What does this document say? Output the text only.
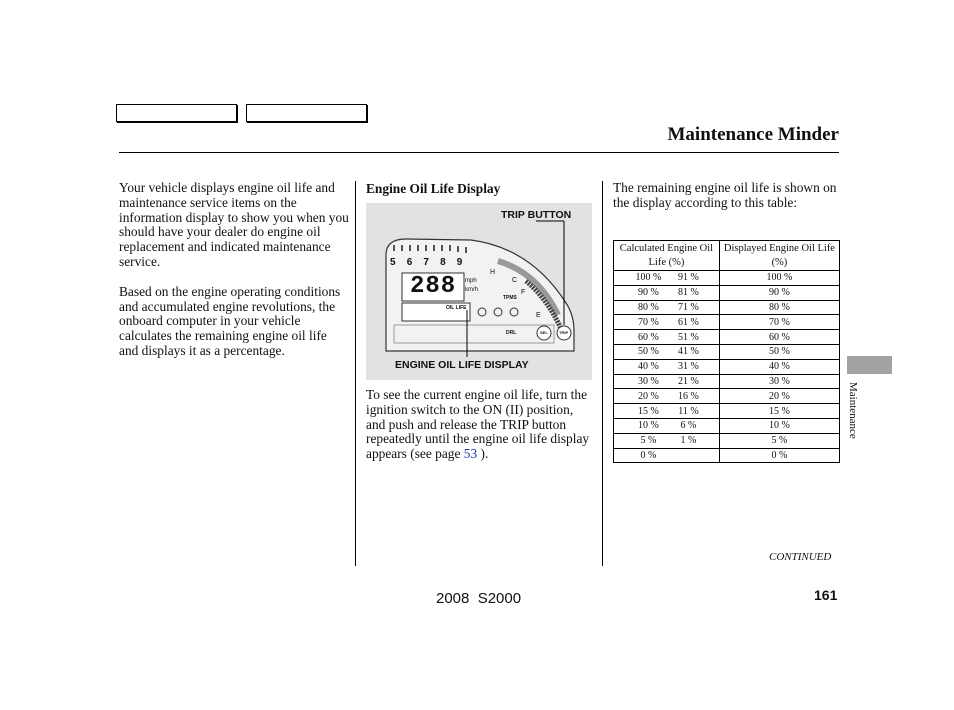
Maintenance Minder

Your vehicle displays engine oil life and maintenance service items on the information display to show you when you should have your dealer do engine oil replacement and indicated maintenance service.

Based on the engine operating conditions and accumulated engine revolutions, the onboard computer in your vehicle calculates the remaining engine oil life and displays it as a percentage.

Engine Oil Life Display
TRIP BUTTON
ENGINE OIL LIFE DISPLAY
5 6 7 8 9
288 mph
km/h
OIL LIFE
H
C
F
E
TPMS
DRL	SEL	TRIP
To see the current engine oil life, turn the ignition switch to the ON (II) position, and push and release the TRIP button repeatedly until the engine oil life display appears (see page 53 ).
The remaining engine oil life is shown on the display according to this table:
Calculated Engine Oil Life (%)	Displayed Engine Oil Life (%)
100 % 91 %	100 %
90 % 81 %	90 %
80 % 71 %	80 %
70 % 61 %	70 %
60 % 51 %	60 %
50 % 41 %	50 %
40 % 31 %	40 %
30 % 21 %	30 %
20 % 16 %	20 %
15 % 11 %	15 %
10 % 6 %	10 %
5 % 1 %	5 %
0 %	0 %
CONTINUED
Maintenance
2008  S2000	161
